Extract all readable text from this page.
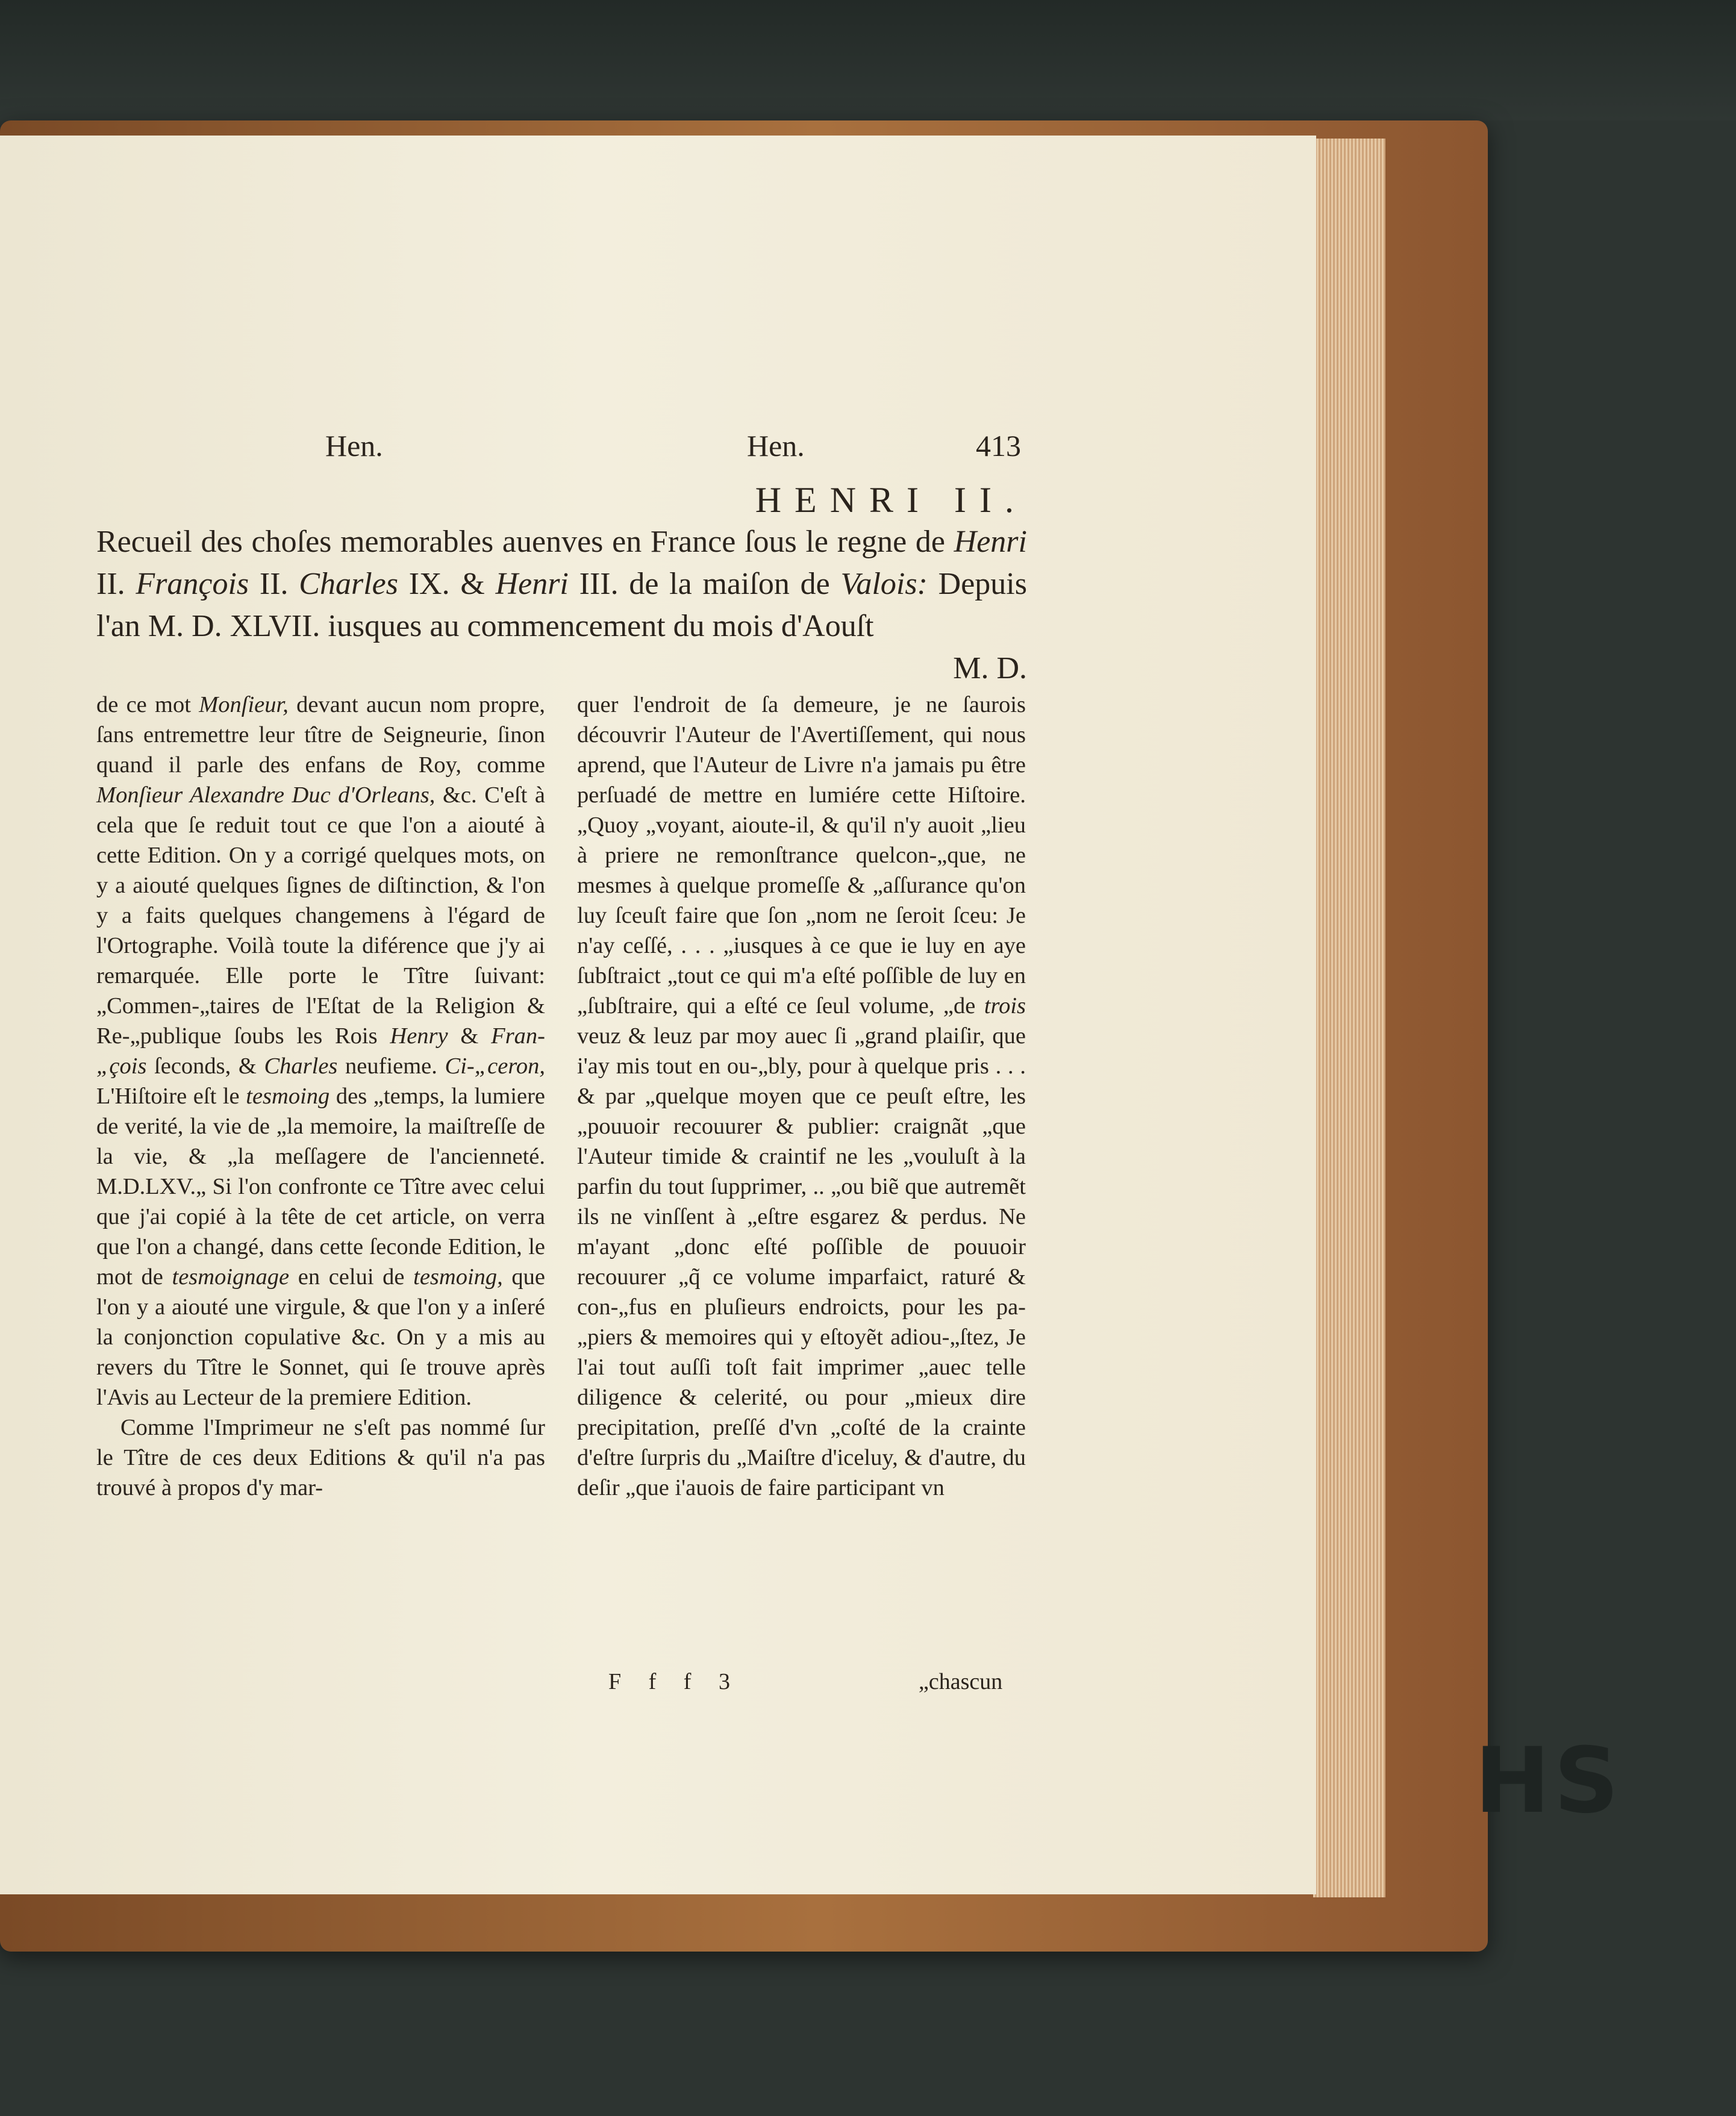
Hen.	Hen.	413
HENRI II.
Recueil des choſes memorables auenves en France ſous le regne de Henri II. François II. Charles IX. & Henri III. de la maiſon de Valois: Depuis l'an M. D. XLVII. iusques au commencement du mois d'Aouſt
M. D.

de ce mot Monſieur, devant aucun nom propre, ſans entremettre leur tître de Seigneurie, ſinon quand il parle des enfans de Roy, comme Monſieur Alexandre Duc d'Orleans, &c. C'eſt à cela que ſe reduit tout ce que l'on a aiouté à cette Edition. On y a corrigé quelques mots, on y a aiouté quelques ſignes de diſtinction, & l'on y a faits quelques changemens à l'égard de l'Ortographe. Voilà toute la diférence que j'y ai remarquée. Elle porte le Tître ſuivant: „Commen-„taires de l'Eſtat de la Religion & Re-„publique ſoubs les Rois Henry & Fran-„çois ſeconds, & Charles neufieme. Ci-„ceron, L'Hiſtoire eſt le tesmoing des „temps, la lumiere de verité, la vie de „la memoire, la maiſtreſſe de la vie, & „la meſſagere de l'ancienneté. M.D.LXV.„ Si l'on confronte ce Tître avec celui que j'ai copié à la tête de cet article, on verra que l'on a changé, dans cette ſeconde Edition, le mot de tesmoignage en celui de tesmoing, que l'on y a aiouté une virgule, & que l'on y a inſeré la conjonction copulative &c. On y a mis au revers du Tître le Sonnet, qui ſe trouve après l'Avis au Lecteur de la premiere Edition.

Comme l'Imprimeur ne s'eſt pas nommé ſur le Tître de ces deux Editions & qu'il n'a pas trouvé à propos d'y mar-

quer l'endroit de ſa demeure, je ne ſaurois découvrir l'Auteur de l'Avertiſſement, qui nous aprend, que l'Auteur de Livre n'a jamais pu être perſuadé de mettre en lumiére cette Hiſtoire. „Quoy „voyant, aioute-il, & qu'il n'y auoit „lieu à priere ne remonſtrance quelcon-„que, ne mesmes à quelque promeſſe & „aſſurance qu'on luy ſceuſt faire que ſon „nom ne ſeroit ſceu: Je n'ay ceſſé, . . . „iusques à ce que ie luy en aye ſubſtraict „tout ce qui m'a eſté poſſible de luy en „ſubſtraire, qui a eſté ce ſeul volume, „de trois veuz & leuz par moy auec ſi „grand plaiſir, que i'ay mis tout en ou-„bly, pour à quelque pris . . . & par „quelque moyen que ce peuſt eſtre, les „pouuoir recouurer & publier: craignãt „que l'Auteur timide & craintif ne les „vouluſt à la parfin du tout ſupprimer, .. „ou biẽ que autremẽt ils ne vinſſent à „eſtre esgarez & perdus. Ne m'ayant „donc eſté poſſible de pouuoir recouurer „q̃ ce volume imparfaict, raturé & con-„fus en pluſieurs endroicts, pour les pa-„piers & memoires qui y eſtoyẽt adiou-„ſtez, Je l'ai tout auſſi toſt fait imprimer „auec telle diligence & celerité, ou pour „mieux dire precipitation, preſſé d'vn „coſté de la crainte d'eſtre ſurpris du „Maiſtre d'iceluy, & d'autre, du deſir „que i'auois de faire participant vn

F f f 3	„chascun
HS
